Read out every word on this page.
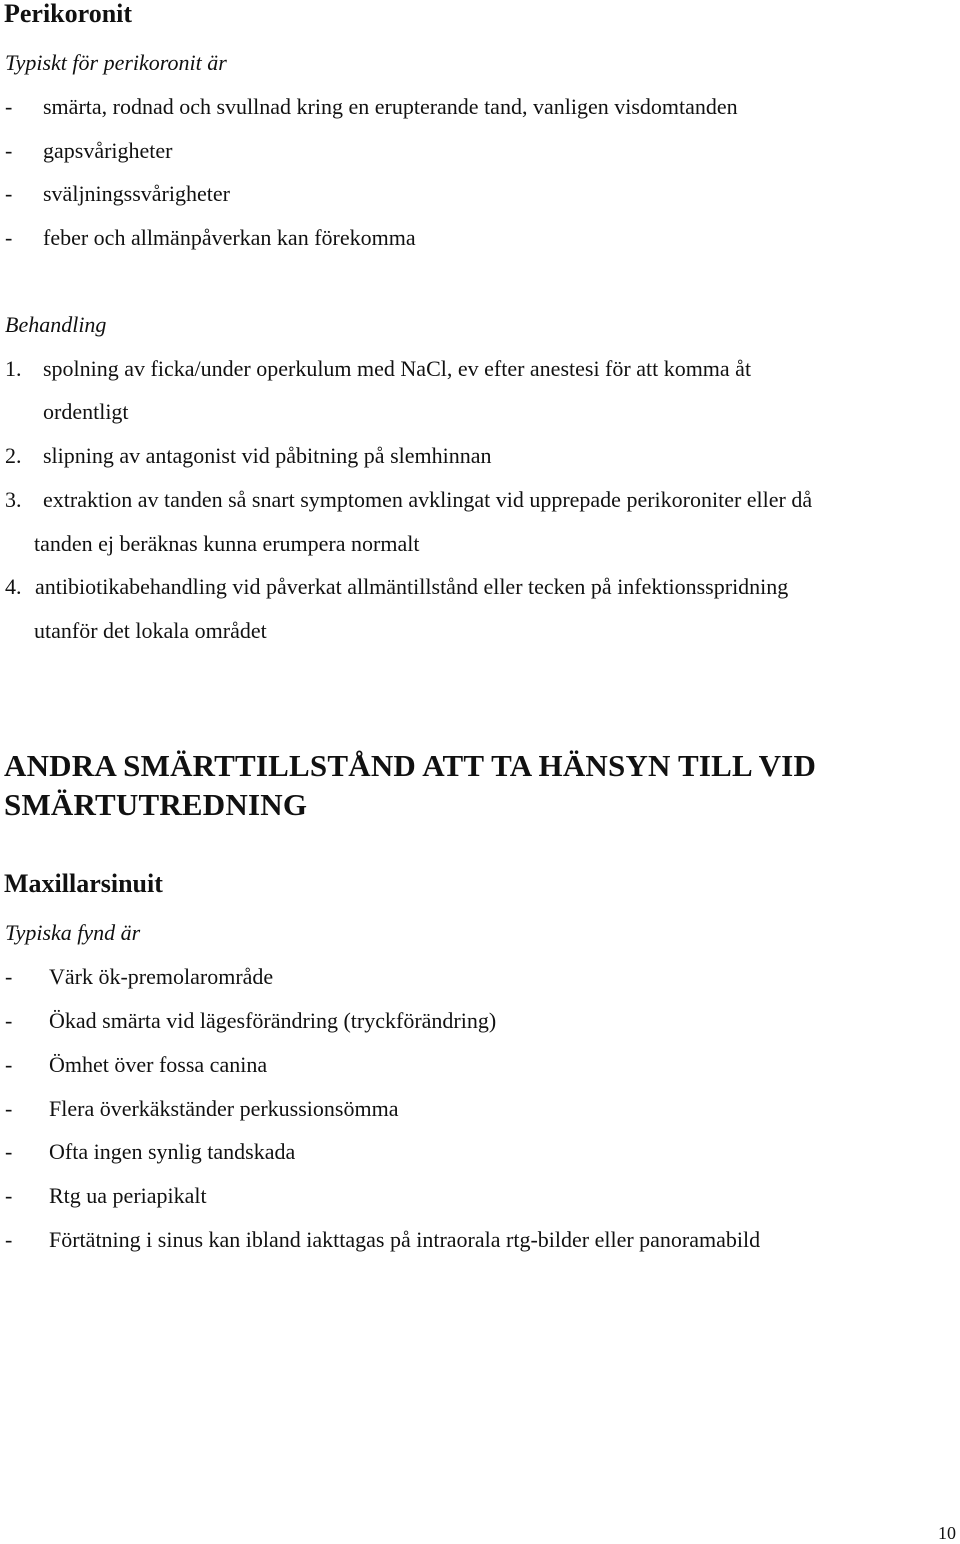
Perikoronit
Typiskt för perikoronit är
- smärta, rodnad och svullnad kring en erupterande tand, vanligen visdomtanden
- gapsvårigheter
- sväljningssvårigheter
- feber och allmänpåverkan kan förekomma
Behandling
1. spolning av ficka/under operkulum med NaCl, ev efter anestesi för att komma åt
ordentligt
2. slipning av antagonist vid påbitning på slemhinnan
3. extraktion av tanden så snart symptomen avklingat vid upprepade perikoroniter eller då
tanden ej beräknas kunna erumpera normalt
4. antibiotikabehandling vid påverkat allmäntillstånd eller tecken på infektionsspridning
utanför det lokala området
ANDRA SMÄRTTILLSTÅND ATT TA HÄNSYN TILL VID
SMÄRTUTREDNING
Maxillarsinuit
Typiska fynd är
- Värk ök-premolarområde
- Ökad smärta vid lägesförändring (tryckförändring)
- Ömhet över fossa canina
- Flera överkäkständer perkussionsömma
- Ofta ingen synlig tandskada
- Rtg ua periapikalt
- Förtätning i sinus kan ibland iakttagas på intraorala rtg-bilder eller panoramabild
10
